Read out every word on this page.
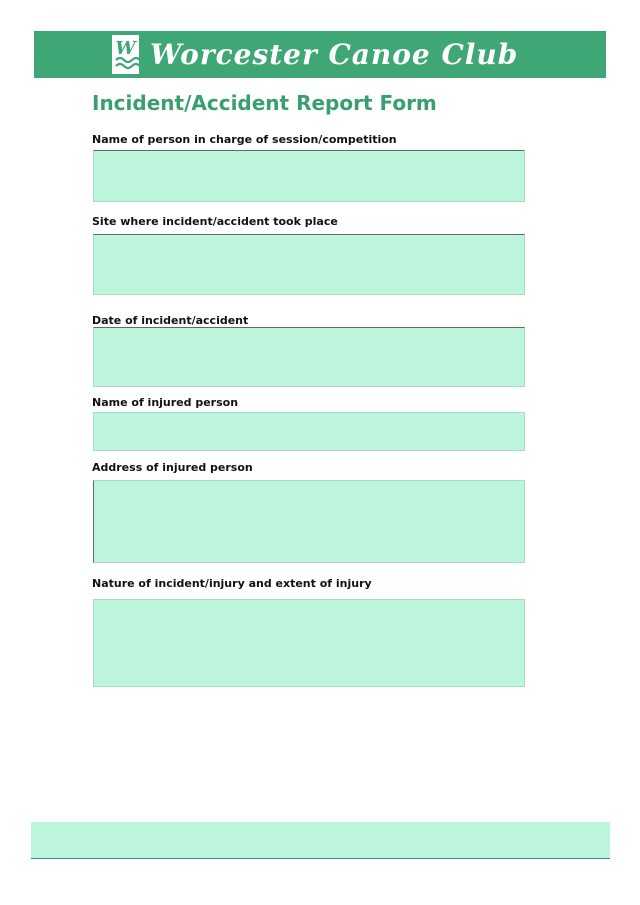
W Worcester Canoe Club
Incident/Accident Report Form
Name of person in charge of session/competition
Site where incident/accident took place
Date of incident/accident
Name of injured person
Address of injured person
Nature of incident/injury and extent of injury
